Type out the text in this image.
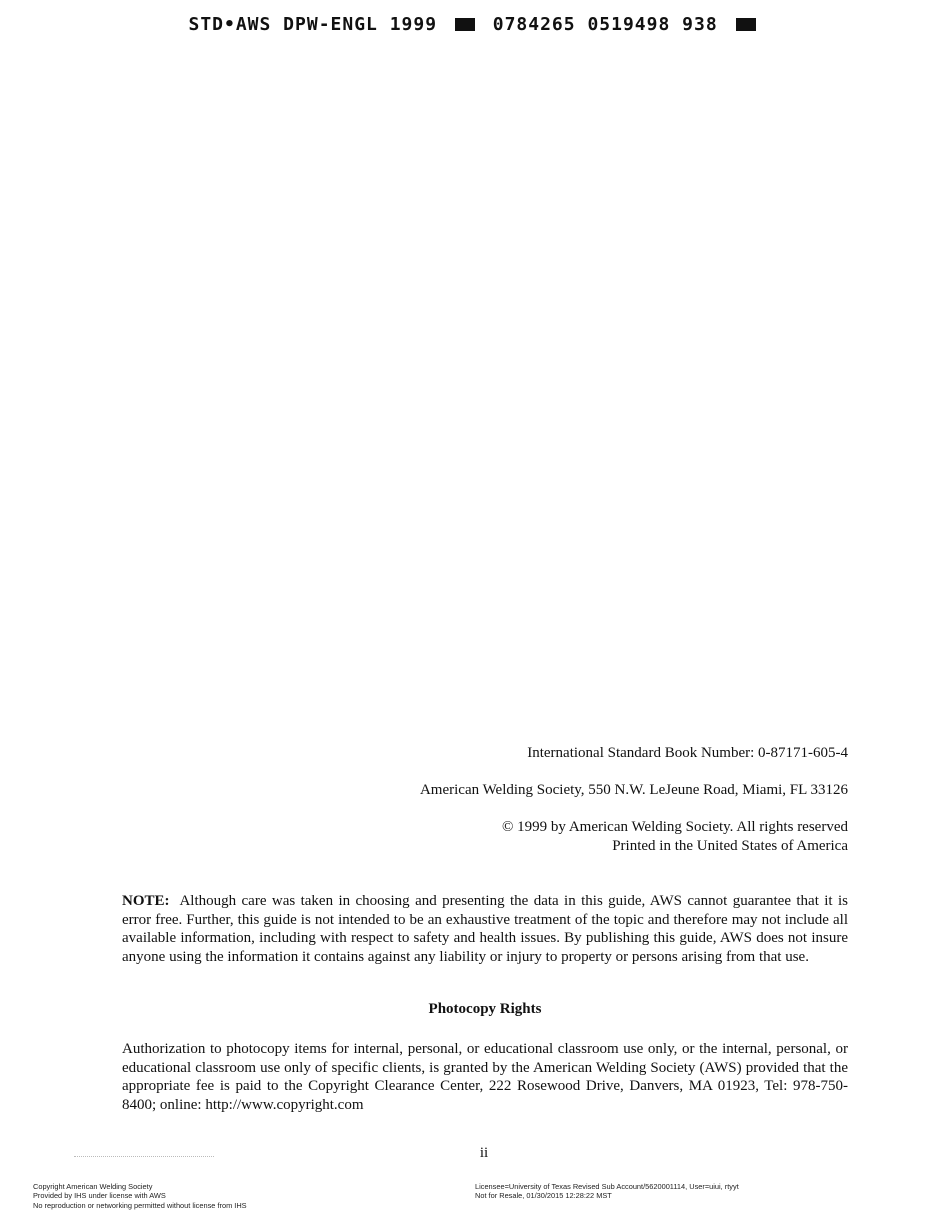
STD•AWS DPW-ENGL 1999	0784265 0519498 938
International Standard Book Number: 0-87171-605-4
American Welding Society, 550 N.W. LeJeune Road, Miami, FL 33126
© 1999 by American Welding Society. All rights reserved
Printed in the United States of America

NOTE: Although care was taken in choosing and presenting the data in this guide, AWS cannot guarantee that it is error free. Further, this guide is not intended to be an exhaustive treatment of the topic and therefore may not include all available information, including with respect to safety and health issues. By publishing this guide, AWS does not insure anyone using the information it contains against any liability or injury to property or persons arising from that use.

Photocopy Rights

Authorization to photocopy items for internal, personal, or educational classroom use only, or the internal, personal, or educational classroom use only of specific clients, is granted by the American Welding Society (AWS) provided that the appropriate fee is paid to the Copyright Clearance Center, 222 Rosewood Drive, Danvers, MA 01923, Tel: 978-750-8400; online: http://www.copyright.com

ii
Copyright American Welding Society
Provided by IHS under license with AWS
No reproduction or networking permitted without license from IHS
Licensee=University of Texas Revised Sub Account/5620001114, User=uiui, rtyyt
Not for Resale, 01/30/2015 12:28:22 MST
